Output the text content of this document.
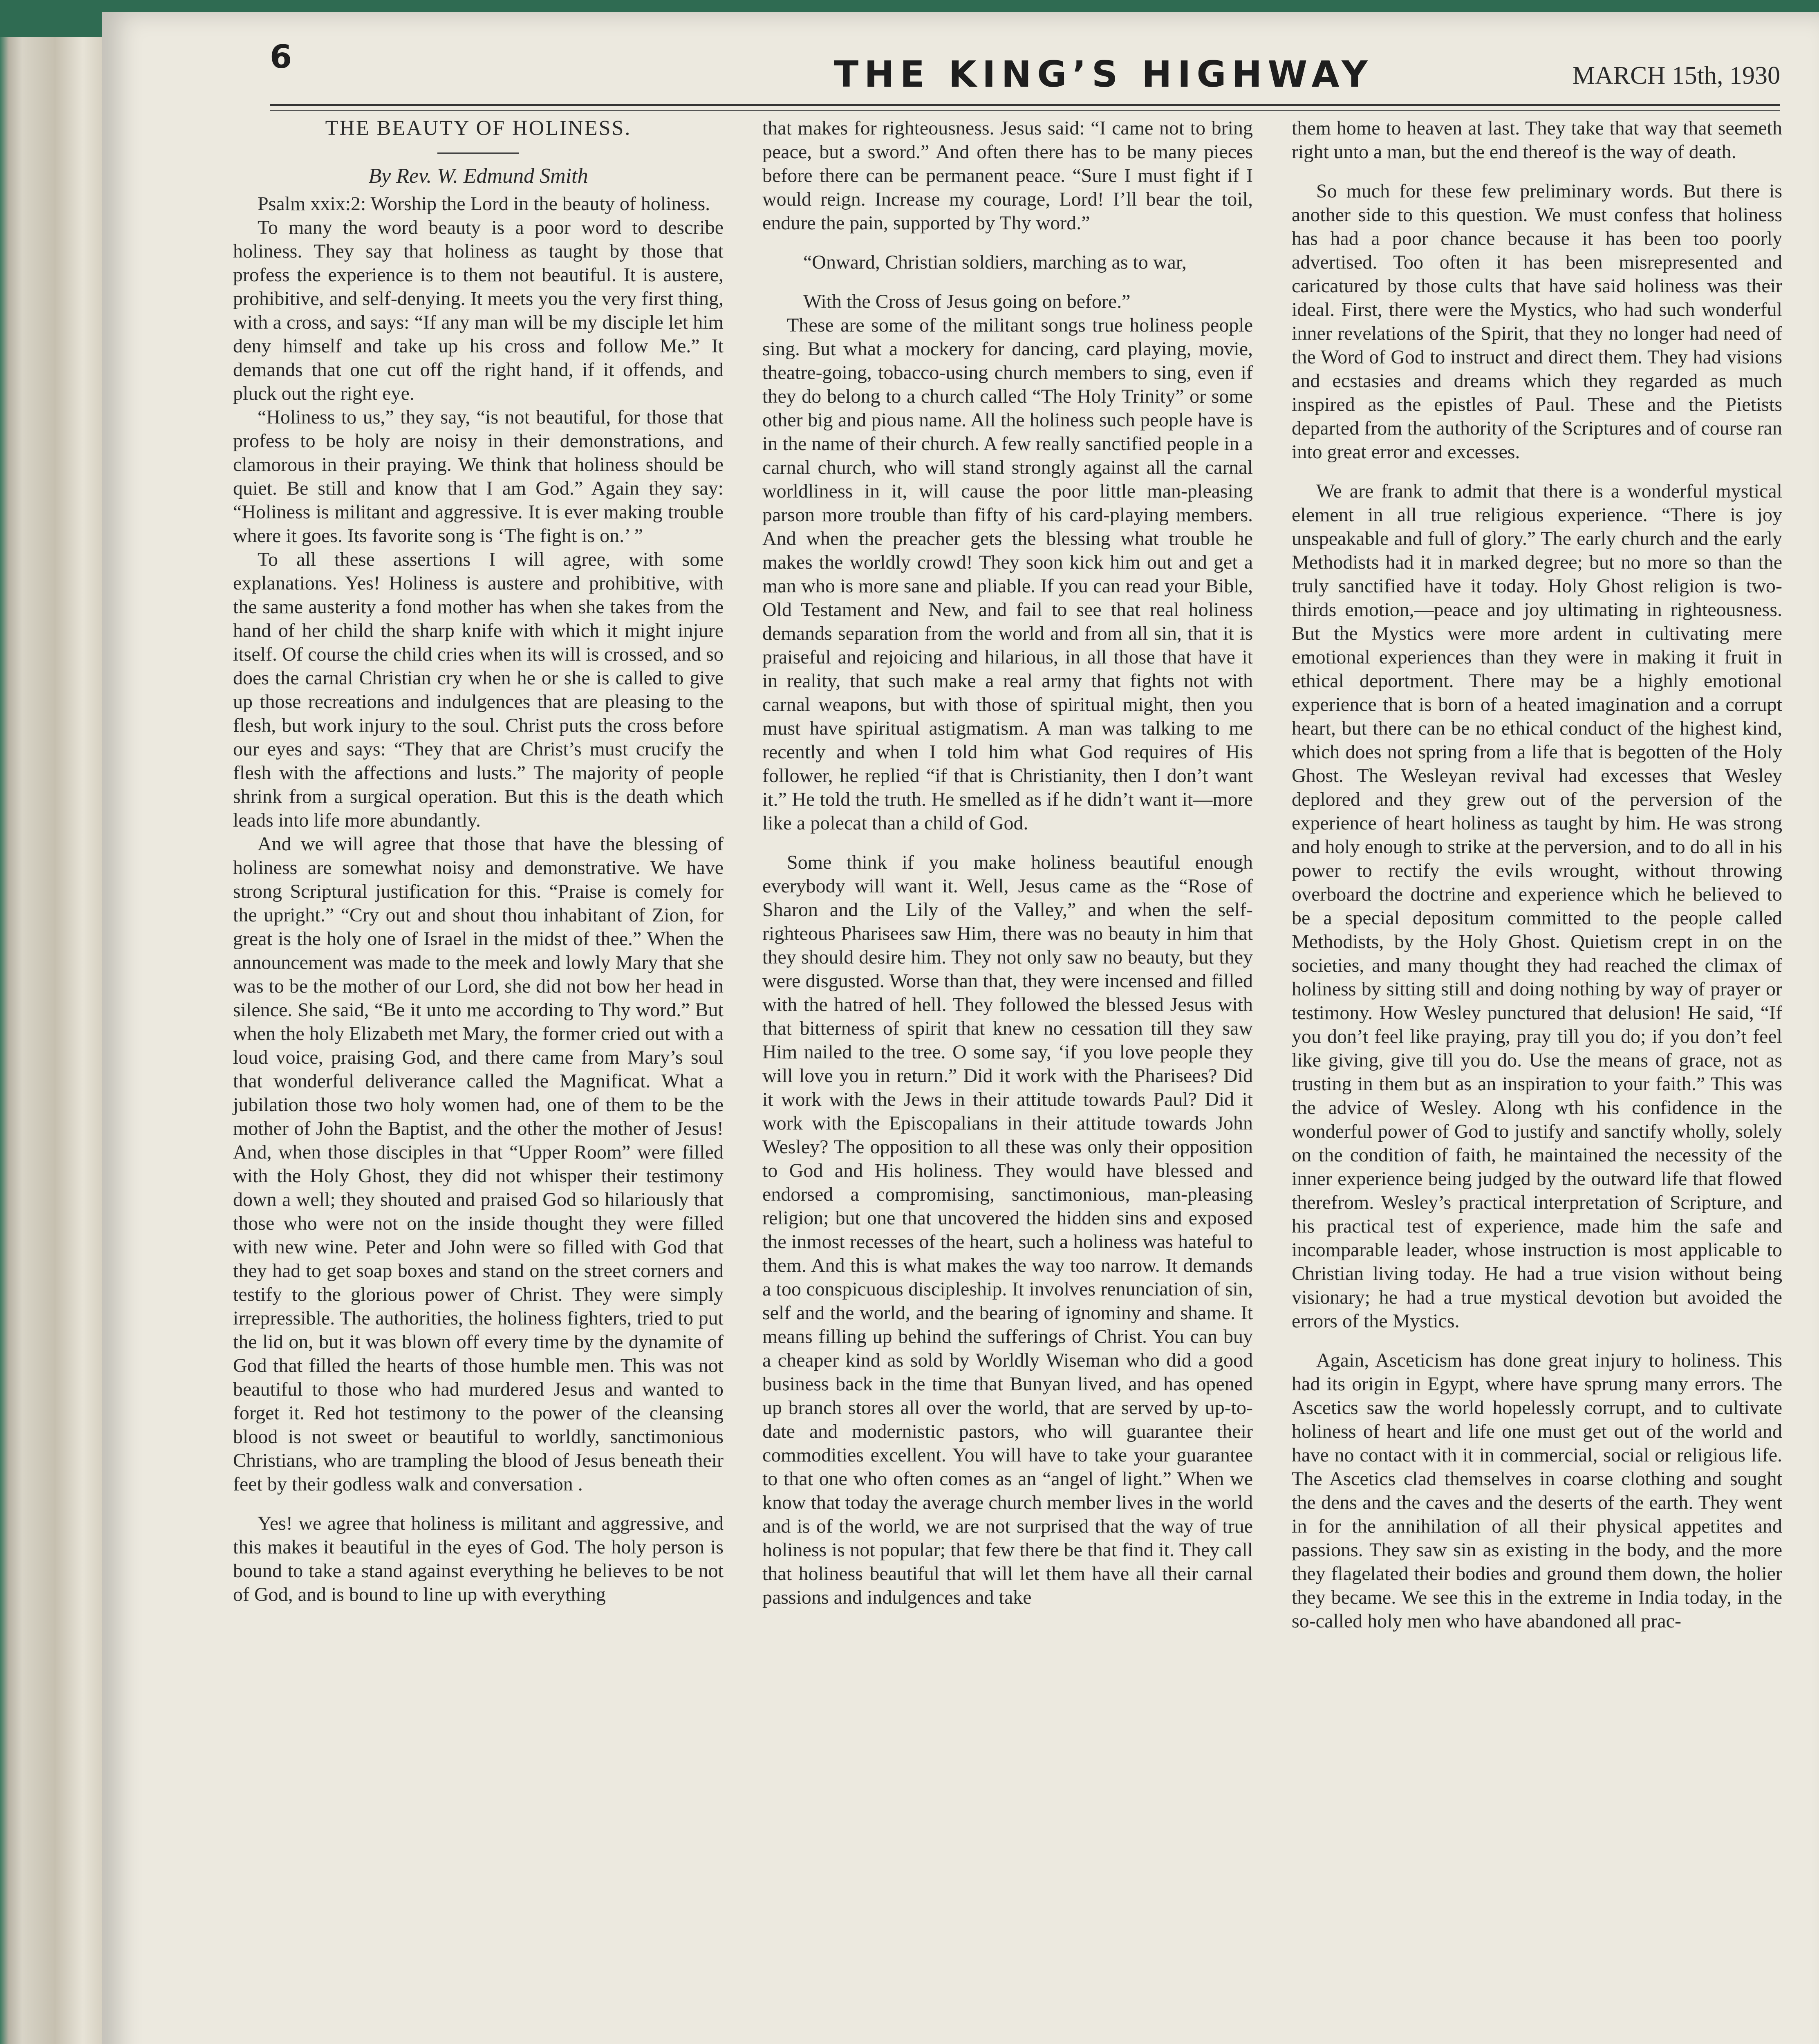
6	THE KING’S HIGHWAY	MARCH 15th, 1930
THE BEAUTY OF HOLINESS.
By Rev. W. Edmund Smith

Psalm xxix:2: Worship the Lord in the beauty of holiness.

To many the word beauty is a poor word to describe holiness. They say that holiness as taught by those that profess the experience is to them not beautiful. It is austere, prohibitive, and self-denying. It meets you the very first thing, with a cross, and says: “If any man will be my disciple let him deny himself and take up his cross and follow Me.” It demands that one cut off the right hand, if it offends, and pluck out the right eye.

“Holiness to us,” they say, “is not beautiful, for those that profess to be holy are noisy in their demonstrations, and clamorous in their praying. We think that holiness should be quiet. Be still and know that I am God.” Again they say: “Holiness is militant and aggressive. It is ever making trouble where it goes. Its favorite song is ‘The fight is on.’ ”

To all these assertions I will agree, with some explanations. Yes! Holiness is austere and prohibitive, with the same austerity a fond mother has when she takes from the hand of her child the sharp knife with which it might injure itself. Of course the child cries when its will is crossed, and so does the carnal Christian cry when he or she is called to give up those recreations and indulgences that are pleasing to the flesh, but work injury to the soul. Christ puts the cross before our eyes and says: “They that are Christ’s must crucify the flesh with the affections and lusts.” The majority of people shrink from a surgical operation. But this is the death which leads into life more abundantly.

And we will agree that those that have the blessing of holiness are somewhat noisy and demonstrative. We have strong Scriptural justification for this. “Praise is comely for the upright.” “Cry out and shout thou inhabitant of Zion, for great is the holy one of Israel in the midst of thee.” When the announcement was made to the meek and lowly Mary that she was to be the mother of our Lord, she did not bow her head in silence. She said, “Be it unto me according to Thy word.” But when the holy Elizabeth met Mary, the former cried out with a loud voice, praising God, and there came from Mary’s soul that wonderful deliverance called the Magnificat. What a jubilation those two holy women had, one of them to be the mother of John the Baptist, and the other the mother of Jesus! And, when those disciples in that “Upper Room” were filled with the Holy Ghost, they did not whisper their testimony down a well; they shouted and praised God so hilariously that those who were not on the inside thought they were filled with new wine. Peter and John were so filled with God that they had to get soap boxes and stand on the street corners and testify to the glorious power of Christ. They were simply irrepressible. The authorities, the holiness fighters, tried to put the lid on, but it was blown off every time by the dynamite of God that filled the hearts of those humble men. This was not beautiful to those who had murdered Jesus and wanted to forget it. Red hot testimony to the power of the cleansing blood is not sweet or beautiful to worldly, sanctimonious Christians, who are trampling the blood of Jesus beneath their feet by their godless walk and conversation .

Yes! we agree that holiness is militant and aggressive, and this makes it beautiful in the eyes of God. The holy person is bound to take a stand against everything he believes to be not of God, and is bound to line up with everything

that makes for righteousness. Jesus said: “I came not to bring peace, but a sword.” And often there has to be many pieces before there can be permanent peace. “Sure I must fight if I would reign. Increase my courage, Lord! I’ll bear the toil, endure the pain, supported by Thy word.”

“Onward, Christian soldiers, marching as to war,

With the Cross of Jesus going on before.”

These are some of the militant songs true holiness people sing. But what a mockery for dancing, card playing, movie, theatre-going, tobacco-using church members to sing, even if they do belong to a church called “The Holy Trinity” or some other big and pious name. All the holiness such people have is in the name of their church. A few really sanctified people in a carnal church, who will stand strongly against all the carnal worldliness in it, will cause the poor little man-pleasing parson more trouble than fifty of his card-playing members. And when the preacher gets the blessing what trouble he makes the worldly crowd! They soon kick him out and get a man who is more sane and pliable. If you can read your Bible, Old Testament and New, and fail to see that real holiness demands separation from the world and from all sin, that it is praiseful and rejoicing and hilarious, in all those that have it in reality, that such make a real army that fights not with carnal weapons, but with those of spiritual might, then you must have spiritual astigmatism. A man was talking to me recently and when I told him what God requires of His follower, he replied “if that is Christianity, then I don’t want it.” He told the truth. He smelled as if he didn’t want it—more like a polecat than a child of God.

Some think if you make holiness beautiful enough everybody will want it. Well, Jesus came as the “Rose of Sharon and the Lily of the Valley,” and when the self-righteous Pharisees saw Him, there was no beauty in him that they should desire him. They not only saw no beauty, but they were disgusted. Worse than that, they were incensed and filled with the hatred of hell. They followed the blessed Jesus with that bitterness of spirit that knew no cessation till they saw Him nailed to the tree. O some say, ‘if you love people they will love you in return.” Did it work with the Pharisees? Did it work with the Jews in their attitude towards Paul? Did it work with the Episcopalians in their attitude towards John Wesley? The opposition to all these was only their opposition to God and His holiness. They would have blessed and endorsed a compromising, sanctimonious, man-pleasing religion; but one that uncovered the hidden sins and exposed the inmost recesses of the heart, such a holiness was hateful to them. And this is what makes the way too narrow. It demands a too conspicuous discipleship. It involves renunciation of sin, self and the world, and the bearing of ignominy and shame. It means filling up behind the sufferings of Christ. You can buy a cheaper kind as sold by Worldly Wiseman who did a good business back in the time that Bunyan lived, and has opened up branch stores all over the world, that are served by up-to-date and modernistic pastors, who will guarantee their commodities excellent. You will have to take your guarantee to that one who often comes as an “angel of light.” When we know that today the average church member lives in the world and is of the world, we are not surprised that the way of true holiness is not popular; that few there be that find it. They call that holiness beautiful that will let them have all their carnal passions and indulgences and take

them home to heaven at last. They take that way that seemeth right unto a man, but the end thereof is the way of death.

So much for these few preliminary words. But there is another side to this question. We must confess that holiness has had a poor chance because it has been too poorly advertised. Too often it has been misrepresented and caricatured by those cults that have said holiness was their ideal. First, there were the Mystics, who had such wonderful inner revelations of the Spirit, that they no longer had need of the Word of God to instruct and direct them. They had visions and ecstasies and dreams which they regarded as much inspired as the epistles of Paul. These and the Pietists departed from the authority of the Scriptures and of course ran into great error and excesses.

We are frank to admit that there is a wonderful mystical element in all true religious experience. “There is joy unspeakable and full of glory.” The early church and the early Methodists had it in marked degree; but no more so than the truly sanctified have it today. Holy Ghost religion is two-thirds emotion,—peace and joy ultimating in righteousness. But the Mystics were more ardent in cultivating mere emotional experiences than they were in making it fruit in ethical deportment. There may be a highly emotional experience that is born of a heated imagination and a corrupt heart, but there can be no ethical conduct of the highest kind, which does not spring from a life that is begotten of the Holy Ghost. The Wesleyan revival had excesses that Wesley deplored and they grew out of the perversion of the experience of heart holiness as taught by him. He was strong and holy enough to strike at the perversion, and to do all in his power to rectify the evils wrought, without throwing overboard the doctrine and experience which he believed to be a special depositum committed to the people called Methodists, by the Holy Ghost. Quietism crept in on the societies, and many thought they had reached the climax of holiness by sitting still and doing nothing by way of prayer or testimony. How Wesley punctured that delusion! He said, “If you don’t feel like praying, pray till you do; if you don’t feel like giving, give till you do. Use the means of grace, not as trusting in them but as an inspiration to your faith.” This was the advice of Wesley. Along wth his confidence in the wonderful power of God to justify and sanctify wholly, solely on the condition of faith, he maintained the necessity of the inner experience being judged by the outward life that flowed therefrom. Wesley’s practical interpretation of Scripture, and his practical test of experience, made him the safe and incomparable leader, whose instruction is most applicable to Christian living today. He had a true vision without being visionary; he had a true mystical devotion but avoided the errors of the Mystics.

Again, Asceticism has done great injury to holiness. This had its origin in Egypt, where have sprung many errors. The Ascetics saw the world hopelessly corrupt, and to cultivate holiness of heart and life one must get out of the world and have no contact with it in commercial, social or religious life. The Ascetics clad themselves in coarse clothing and sought the dens and the caves and the deserts of the earth. They went in for the annihilation of all their physical appetites and passions. They saw sin as existing in the body, and the more they flagelated their bodies and ground them down, the holier they became. We see this in the extreme in India today, in the so-called holy men who have abandoned all prac-
